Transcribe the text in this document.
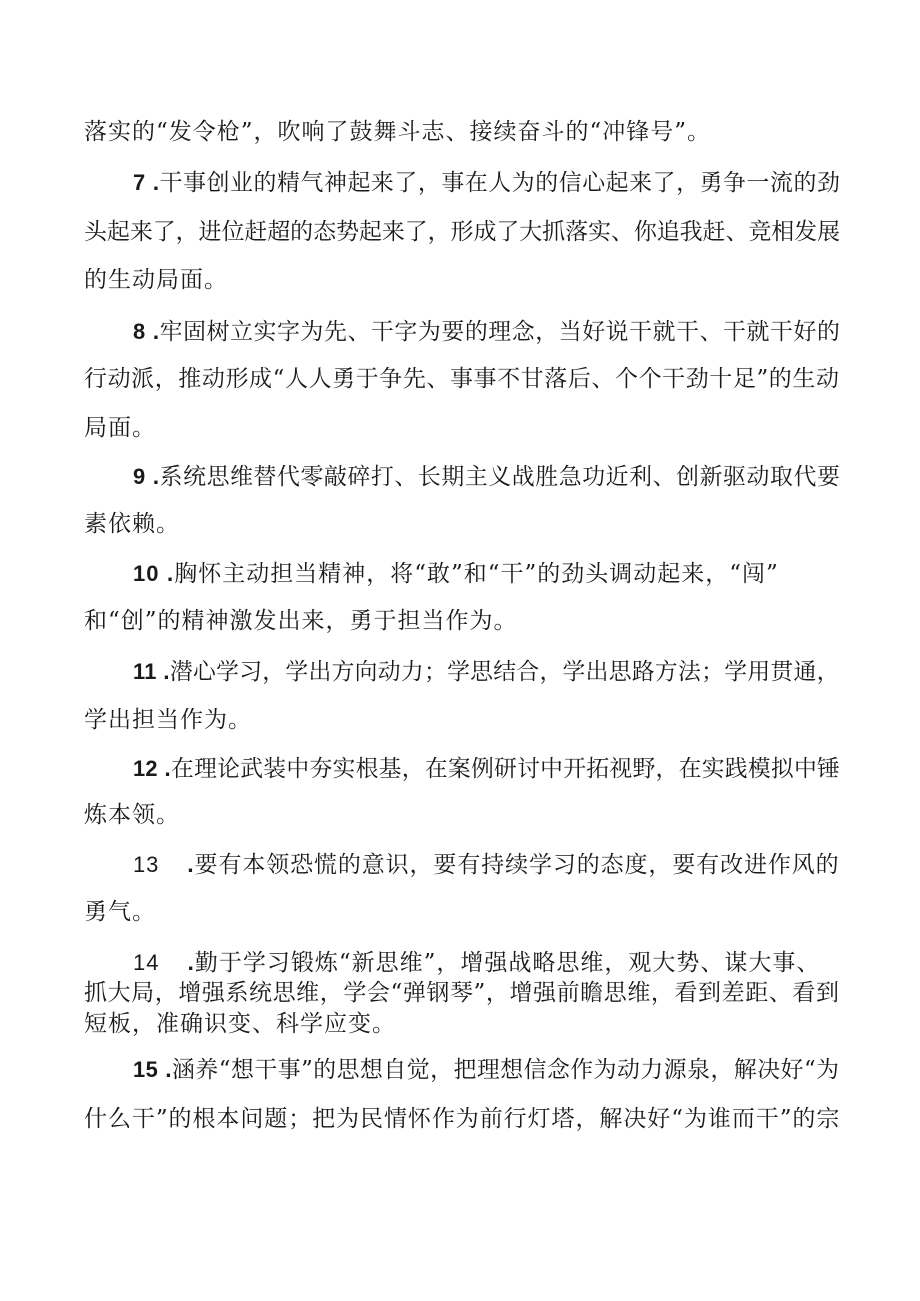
落实的“发令枪”，吹响了鼓舞斗志、接续奋斗的“冲锋号”。
7 .干事创业的精气神起来了，事在人为的信心起来了，勇争一流的劲
头起来了，进位赶超的态势起来了，形成了大抓落实、你追我赶、竞相发展
的生动局面。
8 .牢固树立实字为先、干字为要的理念，当好说干就干、干就干好的
行动派，推动形成“人人勇于争先、事事不甘落后、个个干劲十足”的生动
局面。
9 .系统思维替代零敲碎打、长期主义战胜急功近利、创新驱动取代要
素依赖。
10 .胸怀主动担当精神，将“敢”和“干”的劲头调动起来，“闯”
和“创”的精神激发出来，勇于担当作为。
11 .潜心学习，学出方向动力；学思结合，学出思路方法；学用贯通，
学出担当作为。
12 .在理论武装中夯实根基，在案例研讨中开拓视野，在实践模拟中锤
炼本领。
13 .要有本领恐慌的意识，要有持续学习的态度，要有改进作风的
勇气。
14 .勤于学习锻炼“新思维”，增强战略思维，观大势、谋大事、
抓大局，增强系统思维，学会“弹钢琴”，增强前瞻思维，看到差距、看到
短板，准确识变、科学应变。
15 .涵养“想干事”的思想自觉，把理想信念作为动力源泉，解决好“为
什么干”的根本问题；把为民情怀作为前行灯塔，解决好“为谁而干”的宗
